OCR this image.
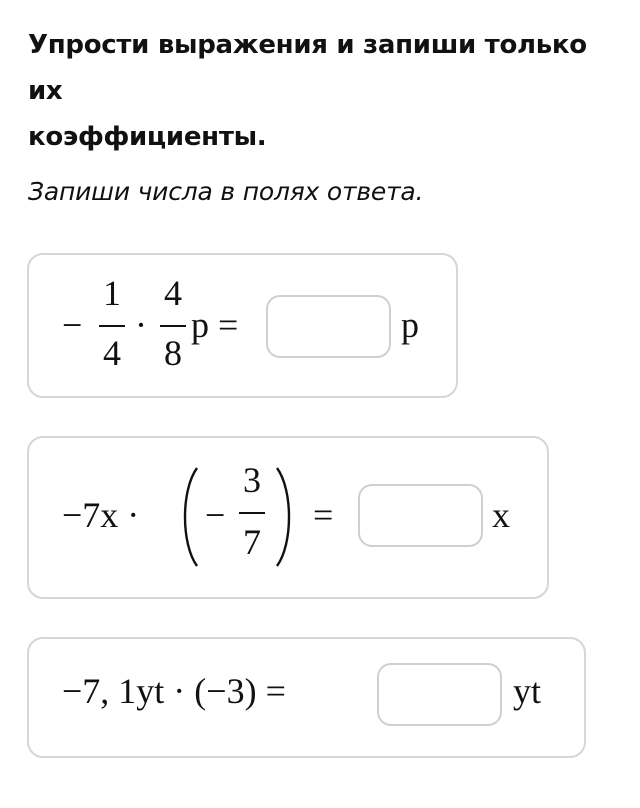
Упрости выражения и запиши только их
коэффициенты.
Запиши числа в полях ответа.
−
1
4
·
4
8
p =	p
−7x · −
3
7
=	x
−7, 1yt · (−3) =	yt
